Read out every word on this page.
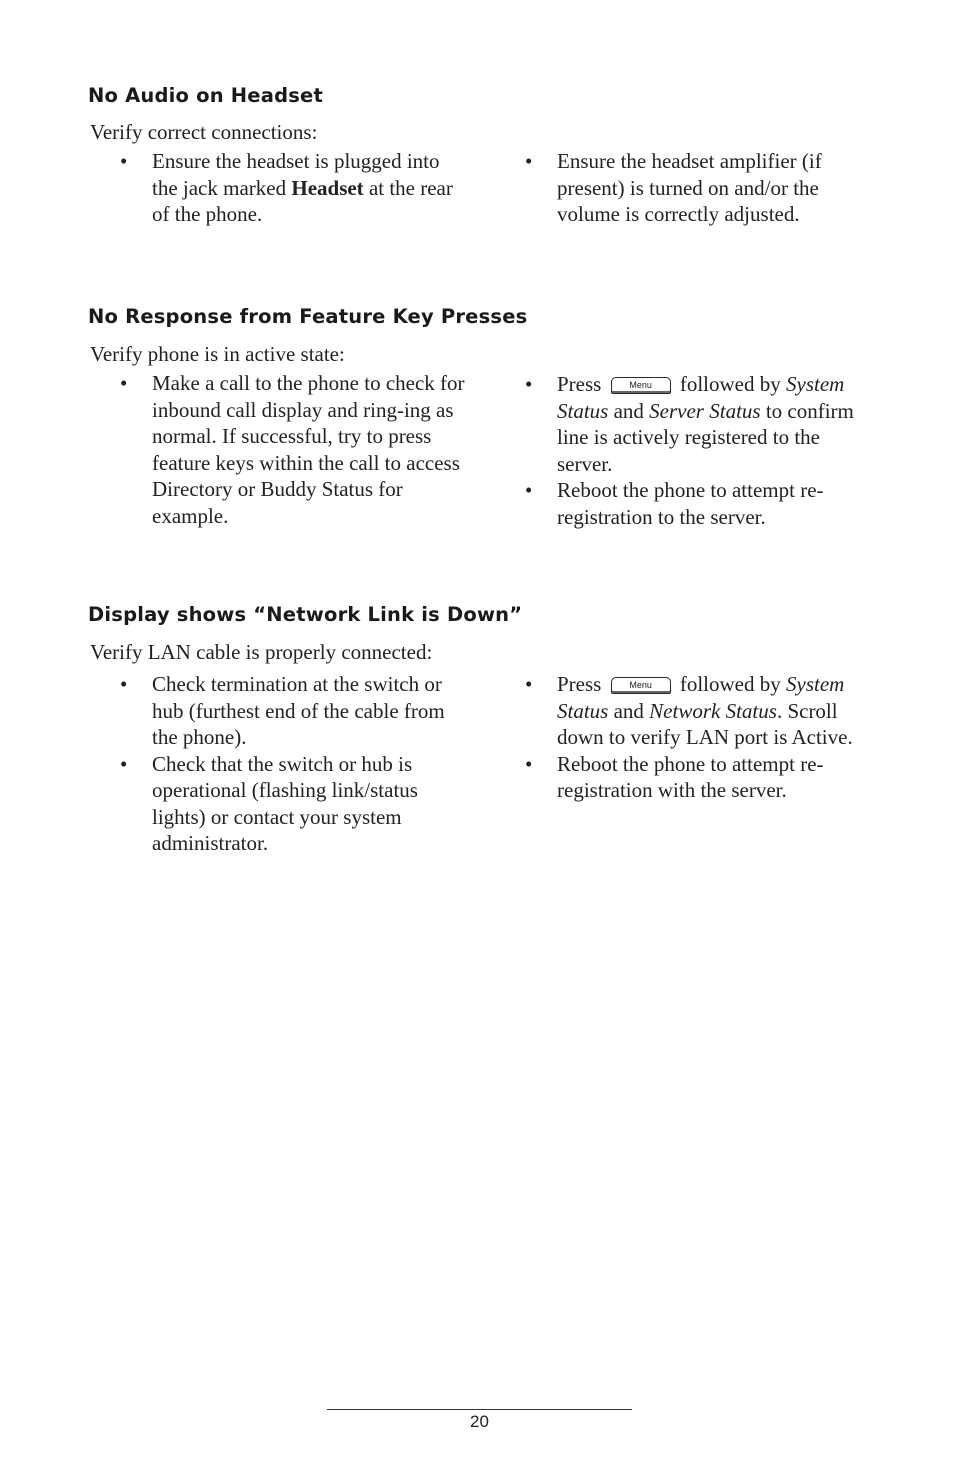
No Audio on Headset

Verify correct connections:

• Ensure the headset is plugged into the jack marked Headset at the rear of the phone.
• Ensure the headset amplifier (if present) is turned on and/or the volume is correctly adjusted.
No Response from Feature Key Presses

Verify phone is in active state:

• Make a call to the phone to check for inbound call display and ring-ing as normal. If successful, try to press feature keys within the call to access Directory or Buddy Status for example.
• Press	Menu followed by System Status and Server Status to confirm line is actively registered to the server.
• Reboot the phone to attempt re-registration to the server.
Display shows “Network Link is Down”

Verify LAN cable is properly connected:

• Check termination at the switch or hub (furthest end of the cable from the phone).
• Check that the switch or hub is operational (flashing link/status lights) or contact your system administrator.
• Press	Menu followed by System Status and Network Status. Scroll down to verify LAN port is Active.
• Reboot the phone to attempt re-registration with the server.
20
